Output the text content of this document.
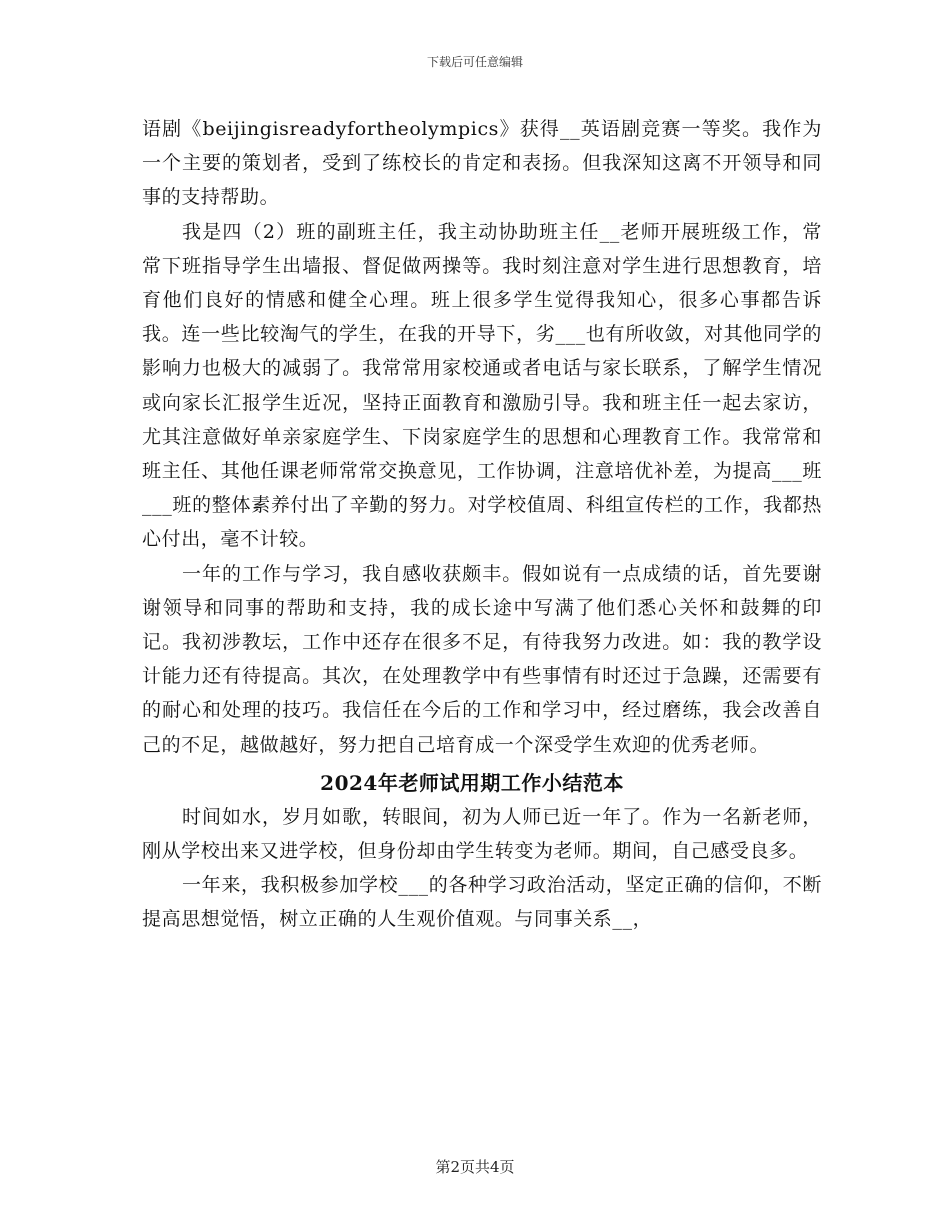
下载后可任意编辑

语剧《beijingisreadyfortheolympics》获得__英语剧竞赛一等奖。我作为一个主要的策划者，受到了练校长的肯定和表扬。但我深知这离不开领导和同事的支持帮助。

我是四（2）班的副班主任，我主动协助班主任__老师开展班级工作，常常下班指导学生出墙报、督促做两操等。我时刻注意对学生进行思想教育，培育他们良好的情感和健全心理。班上很多学生觉得我知心，很多心事都告诉我。连一些比较淘气的学生，在我的开导下，劣___也有所收敛，对其他同学的影响力也极大的减弱了。我常常用家校通或者电话与家长联系，了解学生情况或向家长汇报学生近况，坚持正面教育和激励引导。我和班主任一起去家访，尤其注意做好单亲家庭学生、下岗家庭学生的思想和心理教育工作。我常常和班主任、其他任课老师常常交换意见，工作协调，注意培优补差，为提高___班___班的整体素养付出了辛勤的努力。对学校值周、科组宣传栏的工作，我都热心付出，毫不计较。

一年的工作与学习，我自感收获颇丰。假如说有一点成绩的话，首先要谢谢领导和同事的帮助和支持，我的成长途中写满了他们悉心关怀和鼓舞的印记。我初涉教坛，工作中还存在很多不足，有待我努力改进。如：我的教学设计能力还有待提高。其次，在处理教学中有些事情有时还过于急躁，还需要有的耐心和处理的技巧。我信任在今后的工作和学习中，经过磨练，我会改善自己的不足，越做越好，努力把自己培育成一个深受学生欢迎的优秀老师。

2024年老师试用期工作小结范本

时间如水，岁月如歌，转眼间，初为人师已近一年了。作为一名新老师，刚从学校出来又进学校，但身份却由学生转变为老师。期间，自己感受良多。

一年来，我积极参加学校___的各种学习政治活动，坚定正确的信仰，不断提高思想觉悟，树立正确的人生观价值观。与同事关系__，

第2页共4页
